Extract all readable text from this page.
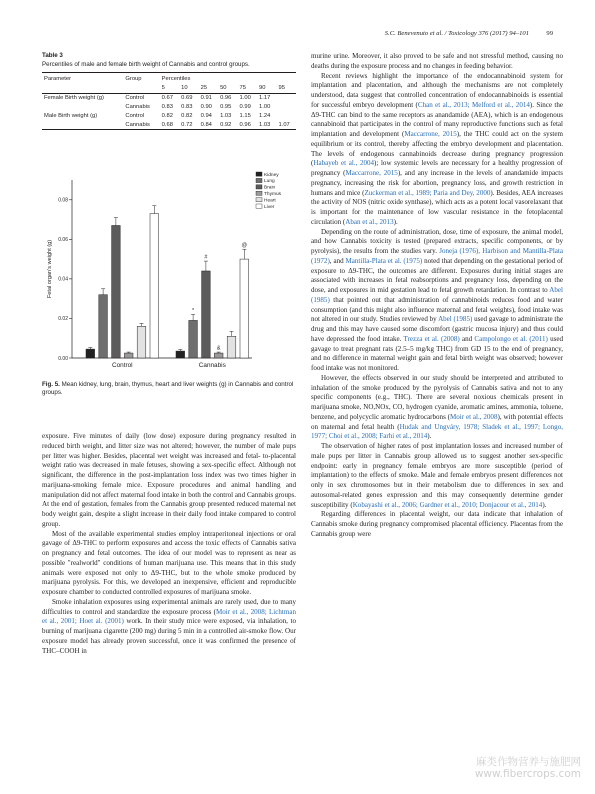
S.C. Benevenuto et al. / Toxicology 376 (2017) 94–101	99
Table 3
Percentiles of male and female birth weight of Cannabis and control groups.
Parameter	Group	Percentiles						
		5	10	25	50	75	90	95
Female Birth weight (g)	Control	0.67	0.69	0.91	0.96	1.00	1.17	
	Cannabis	0.83	0.83	0.90	0.95	0.99	1.00	
Male Birth weight (g)	Control	0.82	0.82	0.94	1.03	1.15	1.24	
	Cannabis	0.68	0.72	0.84	0.92	0.96	1.03	1.07
0.00
0.02
0.04
0.06
0.08
Fetal organ's weight (g)
Control
*
#
&
@
Cannabis
Kidney
Lung
Brain
Thymus
Heart
Liver
Fig. 5. Mean kidney, lung, brain, thymus, heart and liver weights (g) in Cannabis and control groups.

exposure. Five minutes of daily (low dose) exposure during pregnancy resulted in reduced birth weight, and litter size was not altered; however, the number of male pups per litter was higher. Besides, placental wet weight was increased and fetal- to-placental weight ratio was decreased in male fetuses, showing a sex-specific effect. Although not significant, the difference in the post-implantation loss index was two times higher in marijuana-smoking female mice. Exposure procedures and animal handling and manipulation did not affect maternal food intake in both the control and Cannabis groups. At the end of gestation, females from the Cannabis group presented reduced maternal net body weight gain, despite a slight increase in their daily food intake compared to control group.

Most of the available experimental studies employ intraperitoneal injections or oral gavage of Δ9-THC to perform exposures and access the toxic effects of Cannabis sativa on pregnancy and fetal outcomes. The idea of our model was to represent as near as possible "realworld" conditions of human marijuana use. This means that in this study animals were exposed not only to Δ9-THC, but to the whole smoke produced by marijuana pyrolysis. For this, we developed an inexpensive, efficient and reproducible exposure chamber to conducted controlled exposures of marijuana smoke.

Smoke inhalation exposures using experimental animals are rarely used, due to many difficulties to control and standardize the exposure process (Moir et al., 2008; Lichtman et al., 2001; Hoet al. (2001) work. In their study mice were exposed, via inhalation, to burning of marijuana cigarette (200 mg) during 5 min in a controlled air-smoke flow. Our exposure model has already proven successful, once it was confirmed the presence of THC–COOH in

murine urine. Moreover, it also proved to be safe and not stressful method, causing no deaths during the exposure process and no changes in feeding behavior.

Recent reviews highlight the importance of the endocannabinoid system for implantation and placentation, and although the mechanisms are not completely understood, data suggest that controlled concentration of endocannabinoids is essential for successful embryo development (Chan et al., 2013; Melford et al., 2014). Since the Δ9-THC can bind to the same receptors as anandamide (AEA), which is an endogenous cannabinoid that participates in the control of many reproductive functions such as fetal implantation and development (Maccarrone, 2015), the THC could act on the system equilibrium or its control, thereby affecting the embryo development and placentation. The levels of endogenous cannabinoids decrease during pregnancy progression (Habayeb et al., 2004); low systemic levels are necessary for a healthy progression of pregnancy (Maccarrone, 2015), and any increase in the levels of anandamide impacts pregnancy, increasing the risk for abortion, pregnancy loss, and growth restriction in humans and mice (Zuckerman et al., 1989; Paria and Dey, 2000). Besides, AEA increases the activity of NOS (nitric oxide synthase), which acts as a potent local vasorelaxant that is important for the maintenance of low vascular resistance in the fetoplacental circulation (Aban et al., 2013).

Depending on the route of administration, dose, time of exposure, the animal model, and how Cannabis toxicity is tested (prepared extracts, specific components, or by pyrolysis), the results from the studies vary. Joneja (1976), Harbison and Mantilla-Plata (1972), and Mantilla-Plata et al. (1975) noted that depending on the gestational period of exposure to Δ9-THC, the outcomes are different. Exposures during initial stages are associated with increases in fetal reabsorptions and pregnancy loss, depending on the dose, and exposures in mid gestation lead to fetal growth retardation. In contrast to Abel (1985) that pointed out that administration of cannabinoids reduces food and water consumption (and this might also influence maternal and fetal weights), food intake was not altered in our study. Studies reviewed by Abel (1985) used gavage to administrate the drug and this may have caused some discomfort (gastric mucosa injury) and thus could have depressed the food intake. Trezza et al. (2008) and Campolongo et al. (2011) used gavage to treat pregnant rats (2.5–5 mg/kg THC) from GD 15 to the end of pregnancy, and no difference in maternal weight gain and fetal birth weight was observed; however food intake was not monitored.

However, the effects observed in our study should be interpreted and attributed to inhalation of the smoke produced by the pyrolysis of Cannabis sativa and not to any specific components (e.g., THC). There are several noxious chemicals present in marijuana smoke, NO,NOx, CO, hydrogen cyanide, aromatic amines, ammonia, toluene, benzene, and polycyclic aromatic hydrocarbons (Moir et al., 2008), with potential effects on maternal and fetal health (Hudak and Ungváry, 1978; Sladek et al., 1997; Longo, 1977; Choi et al., 2008; Farhi et al., 2014).

The observation of higher rates of post implantation losses and increased number of male pups per litter in Cannabis group allowed us to suggest another sex-specific endpoint: early in pregnancy female embryos are more susceptible (period of implantation) to the effects of smoke. Male and female embryos present differences not only in sex chromosomes but in their metabolism due to differences in sex and autosomal-related genes expression and this may consequently determine gender susceptibility (Kobayashi et al., 2006; Gardner et al., 2010; Donjacour et al., 2014).

Regarding differences in placental weight, our data indicate that inhalation of Cannabis smoke during pregnancy compromised placental efficiency. Placentas from the Cannabis group were

麻类作物营养与施肥网
www.fibercrops.com
